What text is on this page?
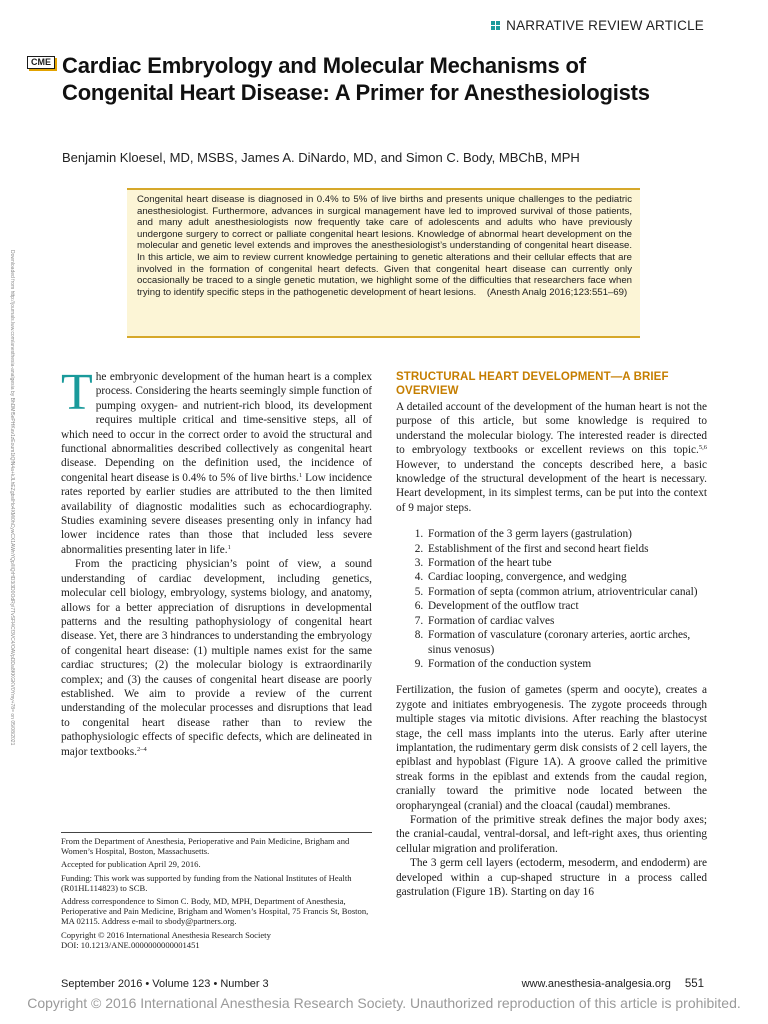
NARRATIVE REVIEW ARTICLE
CME Cardiac Embryology and Molecular Mechanisms of Congenital Heart Disease: A Primer for Anesthesiologists

Benjamin Kloesel, MD, MSBS, James A. DiNardo, MD, and Simon C. Body, MBChB, MPH

Congenital heart disease is diagnosed in 0.4% to 5% of live births and presents unique challenges to the pediatric anesthesiologist. Furthermore, advances in surgical management have led to improved survival of those patients, and many adult anesthesiologists now frequently take care of adolescents and adults who have previously undergone surgery to correct or palliate congenital heart lesions. Knowledge of abnormal heart development on the molecular and genetic level extends and improves the anesthesiologist’s understanding of congenital heart disease. In this article, we aim to review current knowledge pertaining to genetic alterations and their cellular effects that are involved in the formation of congenital heart defects. Given that congenital heart disease can currently only occasionally be traced to a single genetic mutation, we highlight some of the difficulties that researchers face when trying to identify specific steps in the pathogenetic development of heart lesions. (Anesth Analg 2016;123:551–69)

Downloaded from http://journals.lww.com/anesthesia-analgesia by BhDMf5ePHKav1zEoum1tQfN4a+kJLhEZgbsIHo4XMi0hCywCX1AWnYQp/IlQrHD3i3D0OdRyi7TvSFl4Cf3VC4/OAVpDDa8KKGKV0Ymy+78= on 05/08/2021 The embryonic development of the human heart is a complex process. Considering the hearts seemingly simple function of pumping oxygen- and nutrient-rich blood, its development requires multiple critical and time-sensitive steps, all of which need to occur in the correct order to avoid the structural and functional abnormalities described collectively as congenital heart disease. Depending on the definition used, the incidence of congenital heart disease is 0.4% to 5% of live births.$^1$ Low incidence rates reported by earlier studies are attributed to the then limited availability of diagnostic modalities such as echocardiography. Studies examining severe diseases presenting only in infancy had lower incidence rates than those that included less severe abnormalities presenting later in life.$^1$

From the practicing physician’s point of view, a sound understanding of cardiac development, including genetics, molecular cell biology, embryology, systems biology, and anatomy, allows for a better appreciation of disruptions in developmental patterns and the resulting pathophysiology of congenital heart disease. Yet, there are 3 hindrances to understanding the embryology of congenital heart disease: (1) multiple names exist for the same cardiac structures; (2) the molecular biology is extraordinarily complex; and (3) the causes of congenital heart disease are poorly established. We aim to provide a review of the current understanding of the molecular processes and disruptions that lead to congenital heart disease rather than to review the pathophysiologic effects of specific defects, which are delineated in major textbooks.$^{2-4}$

From the Department of Anesthesia, Perioperative and Pain Medicine, Brigham and Women’s Hospital, Boston, Massachusetts.

Accepted for publication April 29, 2016.

Funding: This work was supported by funding from the National Institutes of Health (R01HL114823) to SCB.

Address correspondence to Simon C. Body, MD, MPH, Department of Anesthesia, Perioperative and Pain Medicine, Brigham and Women’s Hospital, 75 Francis St, Boston, MA 02115. Address e-mail to sbody@partners.org.

Copyright © 2016 International Anesthesia Research Society

DOI: 10.1213/ANE.0000000000001451

STRUCTURAL HEART DEVELOPMENT—A BRIEF OVERVIEW

A detailed account of the development of the human heart is not the purpose of this article, but some knowledge is required to understand the molecular biology. The interested reader is directed to embryology textbooks or excellent reviews on this topic.$^{5,6}$ However, to understand the concepts described here, a basic knowledge of the structural development of the heart is necessary. Heart development, in its simplest terms, can be put into the context of 9 major steps.

1. Formation of the 3 germ layers (gastrulation)
2. Establishment of the first and second heart fields
3. Formation of the heart tube
4. Cardiac looping, convergence, and wedging
5. Formation of septa (common atrium, atrioventricular canal)
6. Development of the outflow tract
7. Formation of cardiac valves
8. Formation of vasculature (coronary arteries, aortic arches, sinus venosus)
9. Formation of the conduction system

Fertilization, the fusion of gametes (sperm and oocyte), creates a zygote and initiates embryogenesis. The zygote proceeds through multiple stages via mitotic divisions. After reaching the blastocyst stage, the cell mass implants into the uterus. Early after uterine implantation, the rudimentary germ disk consists of 2 cell layers, the epiblast and hypoblast (Figure 1A). A groove called the primitive streak forms in the epiblast and extends from the caudal region, cranially toward the primitive node located between the oropharyngeal (cranial) and the cloacal (caudal) membranes.

Formation of the primitive streak defines the major body axes; the cranial-caudal, ventral-dorsal, and left-right axes, thus orienting cellular migration and proliferation.

The 3 germ cell layers (ectoderm, mesoderm, and endoderm) are developed within a cup-shaped structure in a process called gastrulation (Figure 1B). Starting on day 16

September 2016 • Volume 123 • Number 3	www.anesthesia-analgesia.org 551
Copyright © 2016 International Anesthesia Research Society. Unauthorized reproduction of this article is prohibited.
